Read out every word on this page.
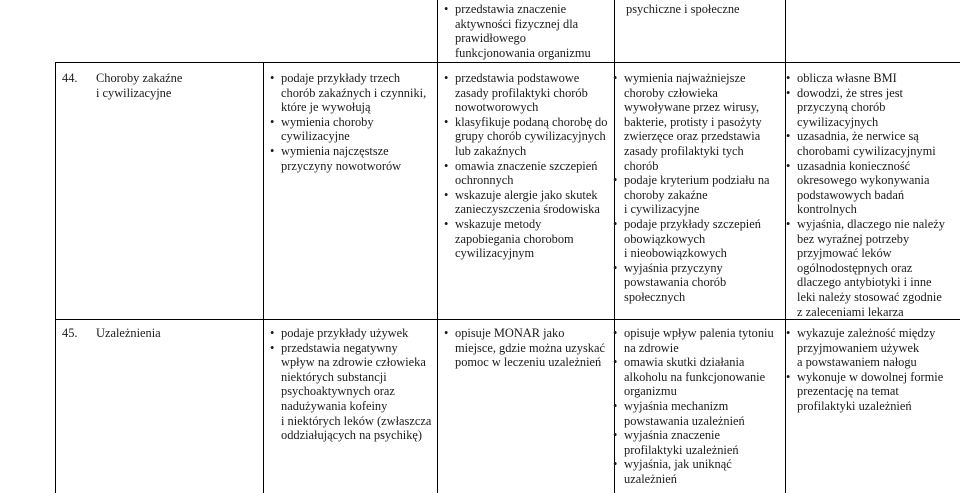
• przedstawia znaczenie
aktywności fizycznej dla
prawidłowego
funkcjonowania organizmu
psychiczne i społeczne
44.	Choroby zakaźne
i cywilizacyjne
• podaje przykłady trzech
chorób zakaźnych i czynniki,
które je wywołują
• wymienia choroby
cywilizacyjne
• wymienia najczęstsze
przyczyny nowotworów
• przedstawia podstawowe
zasady profilaktyki chorób
nowotworowych
• klasyfikuje podaną chorobę do
grupy chorób cywilizacyjnych
lub zakaźnych
• omawia znaczenie szczepień
ochronnych
• wskazuje alergie jako skutek
zanieczyszczenia środowiska
• wskazuje metody
zapobiegania chorobom
cywilizacyjnym
• wymienia najważniejsze
choroby człowieka
wywoływane przez wirusy,
bakterie, protisty i pasożyty
zwierzęce oraz przedstawia
zasady profilaktyki tych
chorób
• podaje kryterium podziału na
choroby zakaźne
i cywilizacyjne
• podaje przykłady szczepień
obowiązkowych
i nieobowiązkowych
• wyjaśnia przyczyny
powstawania chorób
społecznych
• oblicza własne BMI
• dowodzi, że stres jest
przyczyną chorób
cywilizacyjnych
• uzasadnia, że nerwice są
chorobami cywilizacyjnymi
• uzasadnia konieczność
okresowego wykonywania
podstawowych badań
kontrolnych
• wyjaśnia, dlaczego nie należy
bez wyraźnej potrzeby
przyjmować leków
ogólnodostępnych oraz
dlaczego antybiotyki i inne
leki należy stosować zgodnie
z zaleceniami lekarza
45.	Uzależnienia
•	podaje przykłady używek
• przedstawia negatywny
wpływ na zdrowie człowieka
niektórych substancji
psychoaktywnych oraz
nadużywania kofeiny
i niektórych leków (zwłaszcza
oddziałujących na psychikę)
• opisuje MONAR jako
miejsce, gdzie można uzyskać
pomoc w leczeniu uzależnień
• opisuje wpływ palenia tytoniu
na zdrowie
• omawia skutki działania
alkoholu na funkcjonowanie
organizmu
• wyjaśnia mechanizm
powstawania uzależnień
• wyjaśnia znaczenie
profilaktyki uzależnień
• wyjaśnia, jak uniknąć
uzależnień
• wykazuje zależność między
przyjmowaniem używek
a powstawaniem nałogu
• wykonuje w dowolnej formie
prezentację na temat
profilaktyki uzależnień
